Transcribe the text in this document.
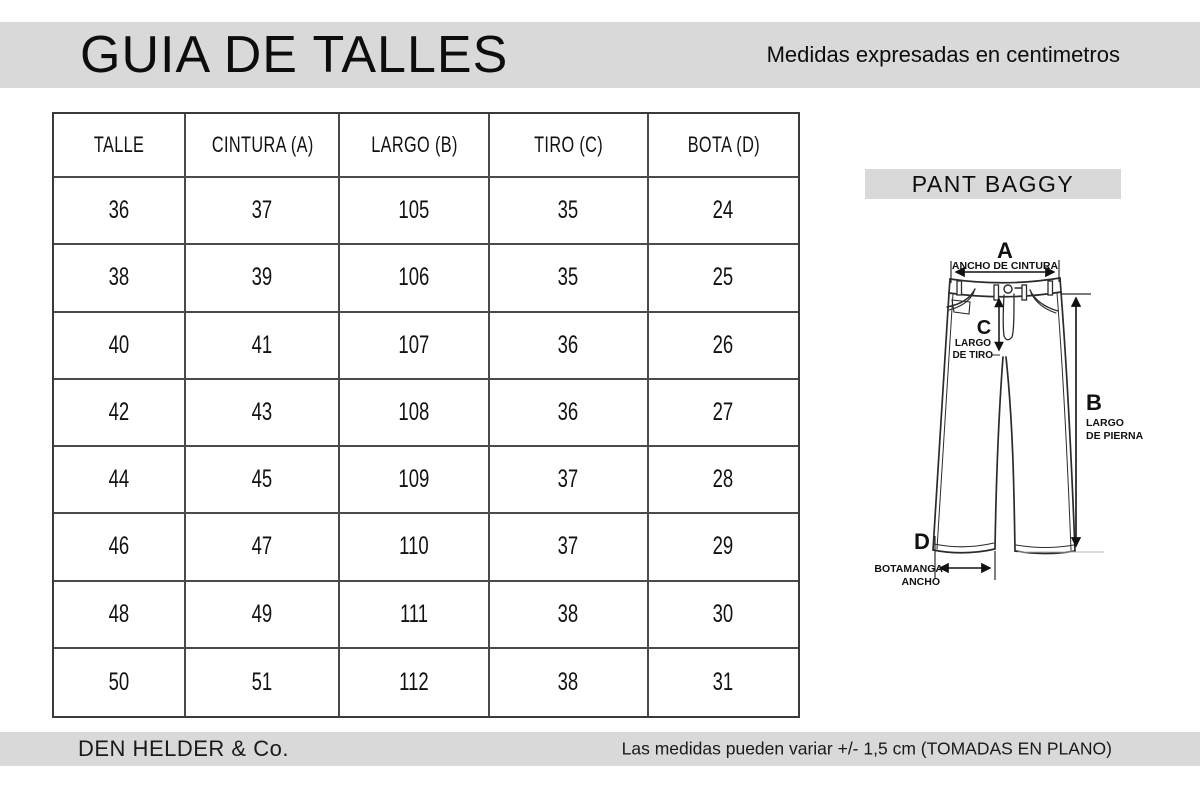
GUIA DE TALLES	Medidas expresadas en centimetros
TALLE	CINTURA (A)	LARGO (B)	TIRO (C)	BOTA (D)
36	37	105	35	24
38	39	106	35	25
40	41	107	36	26
42	43	108	36	27
44	45	109	37	28
46	47	110	37	29
48	49	111	38	30
50	51	112	38	31
PANT BAGGY
A
ANCHO DE CINTURA
B
LARGO
DE PIERNA
C
LARGO
DE TIRO
D
BOTAMANGA
ANCHO
DEN HELDER & Co.	Las medidas pueden variar +/- 1,5 cm (TOMADAS EN PLANO)
